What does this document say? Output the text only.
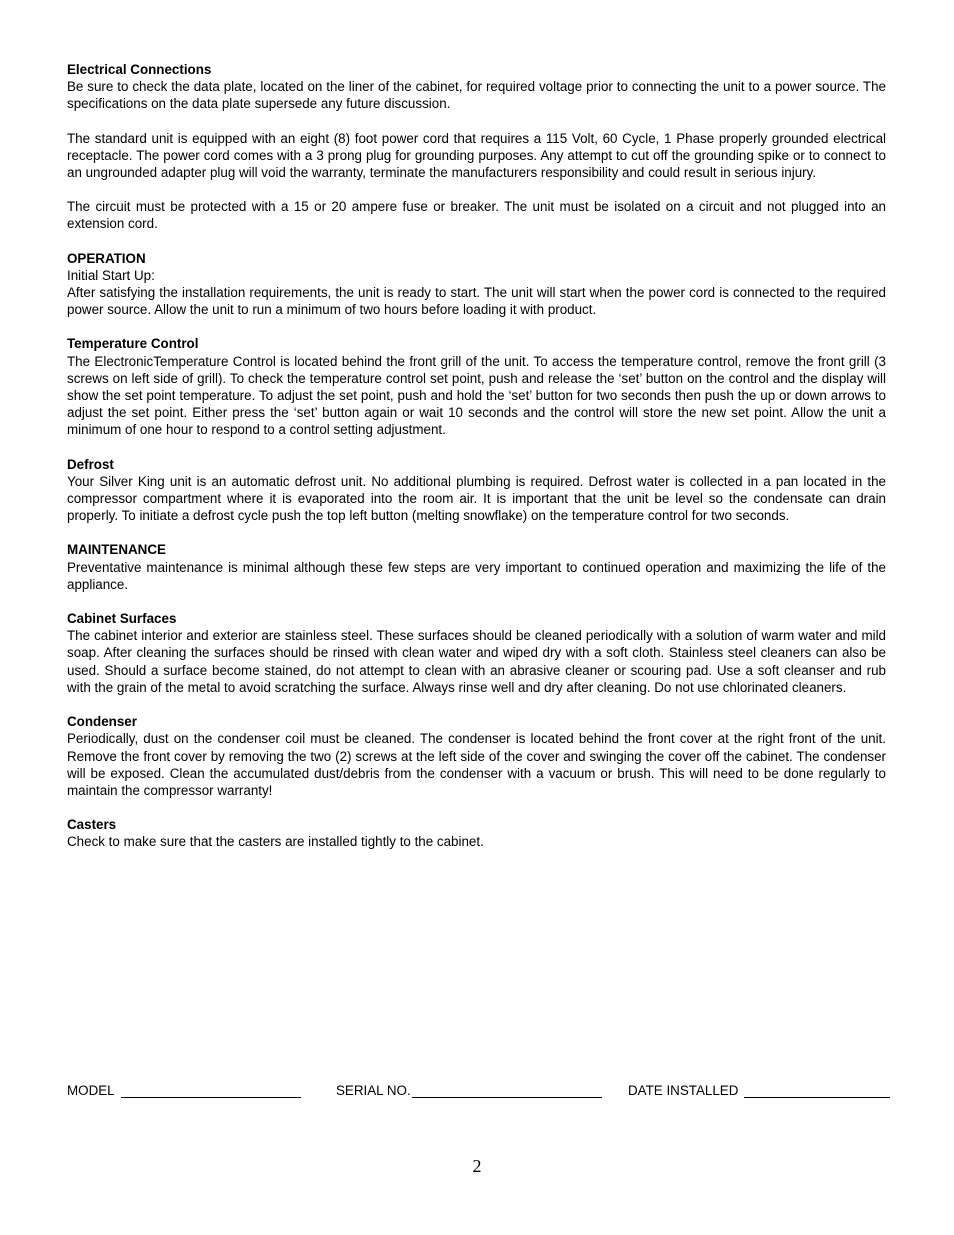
Electrical Connections
Be sure to check the data plate, located on the liner of the cabinet, for required voltage prior to connecting the unit to a power source. The specifications on the data plate supersede any future discussion.
The standard unit is equipped with an eight (8) foot power cord that requires a 115 Volt, 60 Cycle, 1 Phase properly grounded electrical receptacle. The power cord comes with a 3 prong plug for grounding purposes. Any attempt to cut off the grounding spike or to connect to an ungrounded adapter plug will void the warranty, terminate the manufacturers responsibility and could result in serious injury.
The circuit must be protected with a 15 or 20 ampere fuse or breaker. The unit must be isolated on a circuit and not plugged into an extension cord.
OPERATION
Initial Start Up:
After satisfying the installation requirements, the unit is ready to start. The unit will start when the power cord is connected to the required power source. Allow the unit to run a minimum of two hours before loading it with product.
Temperature Control
The ElectronicTemperature Control is located behind the front grill of the unit. To access the temperature control, remove the front grill (3 screws on left side of grill). To check the temperature control set point, push and release the ‘set’ button on the control and the display will show the set point temperature. To adjust the set point, push and hold the ‘set’ button for two seconds then push the up or down arrows to adjust the set point. Either press the ‘set’ button again or wait 10 seconds and the control will store the new set point. Allow the unit a minimum of one hour to respond to a control setting adjustment.
Defrost
Your Silver King unit is an automatic defrost unit. No additional plumbing is required. Defrost water is collected in a pan located in the compressor compartment where it is evaporated into the room air. It is important that the unit be level so the condensate can drain properly. To initiate a defrost cycle push the top left button (melting snowflake) on the temperature control for two seconds.
MAINTENANCE
Preventative maintenance is minimal although these few steps are very important to continued operation and maximizing the life of the appliance.
Cabinet Surfaces
The cabinet interior and exterior are stainless steel. These surfaces should be cleaned periodically with a solution of warm water and mild soap. After cleaning the surfaces should be rinsed with clean water and wiped dry with a soft cloth. Stainless steel cleaners can also be used. Should a surface become stained, do not attempt to clean with an abrasive cleaner or scouring pad. Use a soft cleanser and rub with the grain of the metal to avoid scratching the surface. Always rinse well and dry after cleaning. Do not use chlorinated cleaners.
Condenser
Periodically, dust on the condenser coil must be cleaned. The condenser is located behind the front cover at the right front of the unit. Remove the front cover by removing the two (2) screws at the left side of the cover and swinging the cover off the cabinet. The condenser will be exposed. Clean the accumulated dust/debris from the condenser with a vacuum or brush. This will need to be done regularly to maintain the compressor warranty!
Casters
Check to make sure that the casters are installed tightly to the cabinet.
MODEL	SERIAL NO.	DATE INSTALLED
2
